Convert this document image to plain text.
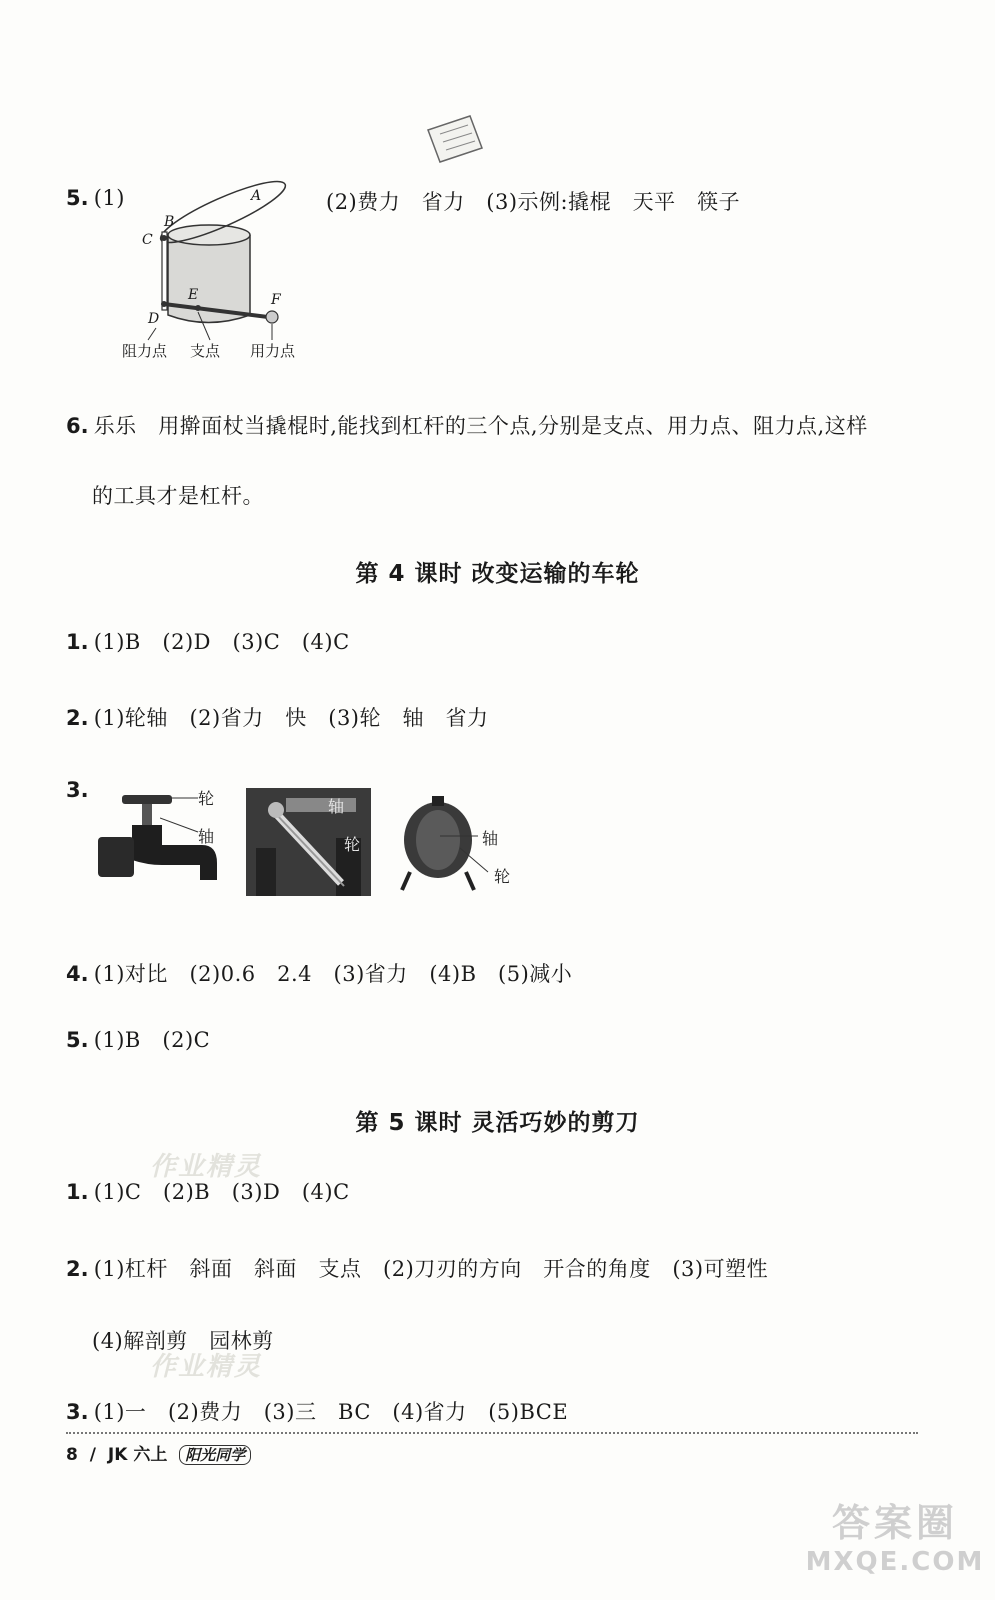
5. (1)	(2)费力   省力   (3)示例:撬棍   天平   筷子
A
B
C
D
E	F
阻力点 支点 用力点
6. 乐乐   用擀面杖当撬棍时,能找到杠杆的三个点,分别是支点、用力点、阻力点,这样
的工具才是杠杆。
第 4 课时 改变运输的车轮
1. (1)B   (2)D   (3)C   (4)C
2. (1)轮轴   (2)省力   快   (3)轮   轴   省力
3.	轮
轴
轴
轮	轴
轮
4. (1)对比   (2)0.6   2.4   (3)省力   (4)B   (5)减小
5. (1)B   (2)C
第 5 课时 灵活巧妙的剪刀
作业精灵
1. (1)C   (2)B   (3)D   (4)C
2. (1)杠杆   斜面   斜面   支点   (2)刀刃的方向   开合的角度   (3)可塑性
(4)解剖剪   园林剪
作业精灵
3. (1)一   (2)费力   (3)三   BC   (4)省力   (5)BCE
8 / JK 六上 阳光同学
答案圈
MXQE.COM
